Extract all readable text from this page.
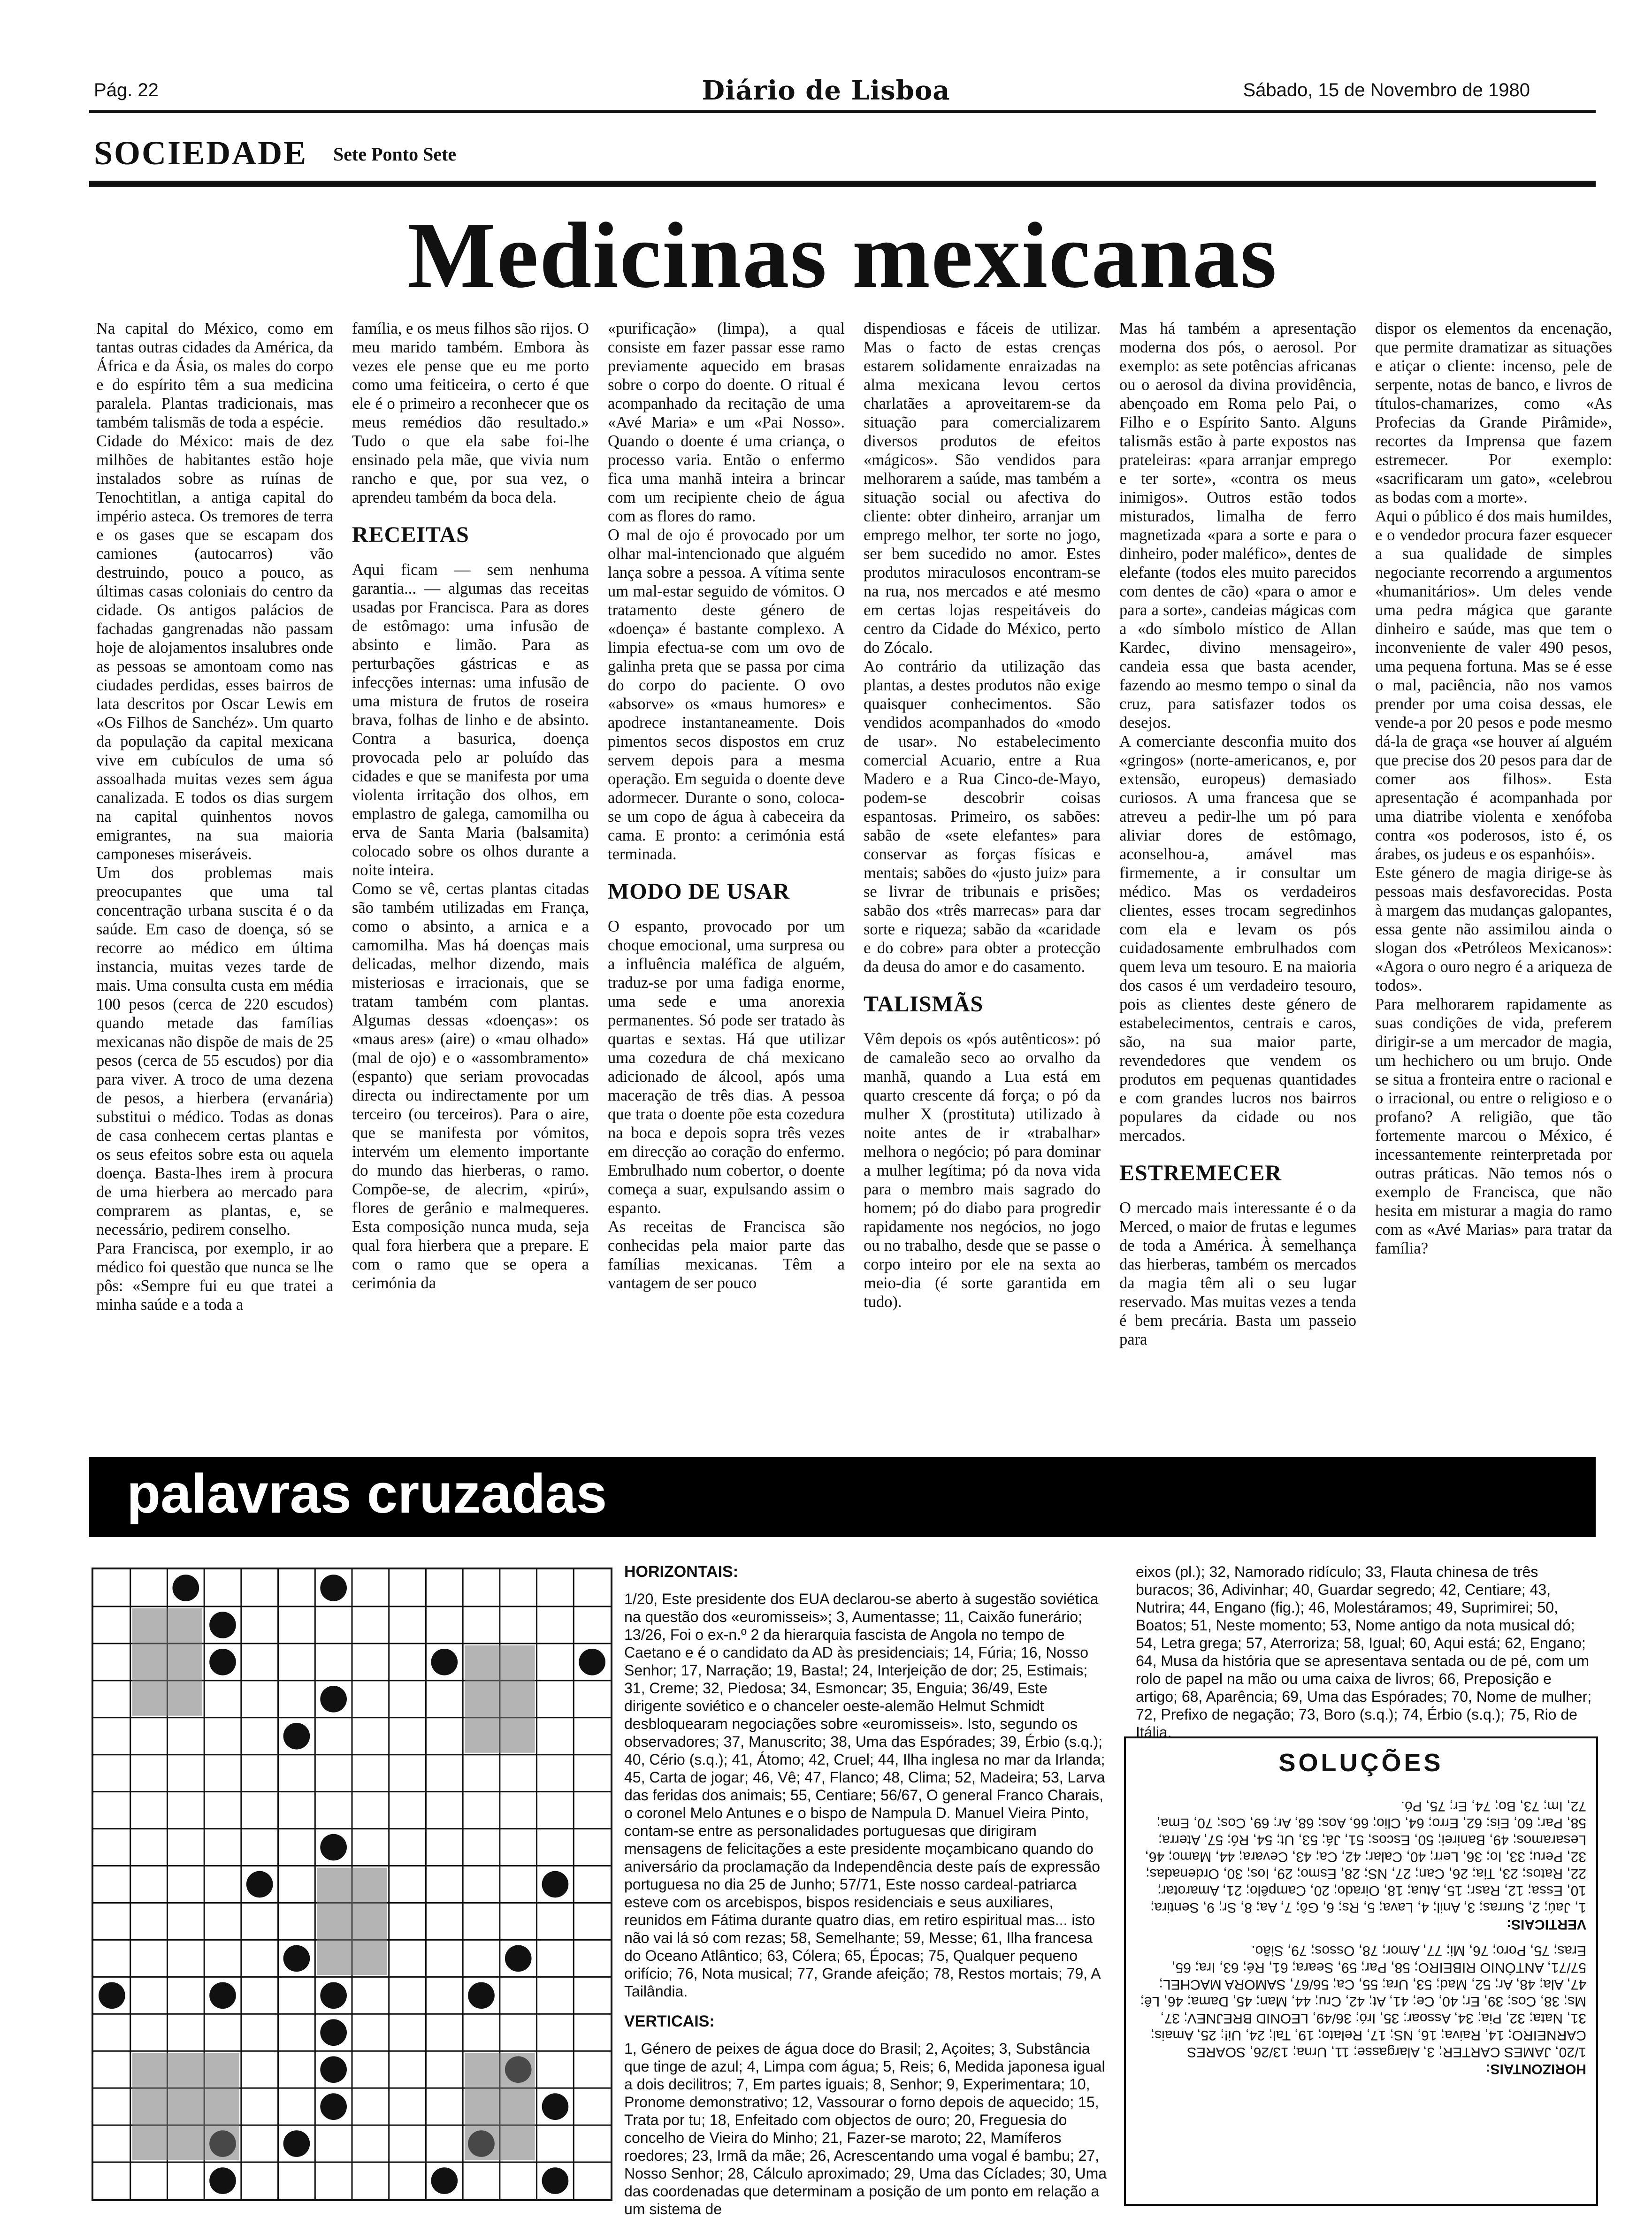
Pág. 22	Diário de Lisboa	Sábado, 15 de Novembro de 1980
SOCIEDADE Sete Ponto Sete
Medicinas mexicanas

Na capital do México, como em tantas outras cidades da América, da África e da Ásia, os males do corpo e do espírito têm a sua medicina paralela. Plantas tradicionais, mas também talismãs de toda a espécie.

Cidade do México: mais de dez milhões de habitantes estão hoje instalados sobre as ruínas de Tenochtitlan, a antiga capital do império asteca. Os tremores de terra e os gases que se escapam dos camiones (autocarros) vão destruindo, pouco a pouco, as últimas casas coloniais do centro da cidade. Os antigos palácios de fachadas gangrenadas não passam hoje de alojamentos insalubres onde as pessoas se amontoam como nas ciudades perdidas, esses bairros de lata descritos por Oscar Lewis em «Os Filhos de Sanchéz». Um quarto da população da capital mexicana vive em cubículos de uma só assoalhada muitas vezes sem água canalizada. E todos os dias surgem na capital quinhentos novos emigrantes, na sua maioria camponeses miseráveis.

Um dos problemas mais preocupantes que uma tal concentração urbana suscita é o da saúde. Em caso de doença, só se recorre ao médico em última instancia, muitas vezes tarde de mais. Uma consulta custa em média 100 pesos (cerca de 220 escudos) quando metade das famílias mexicanas não dispõe de mais de 25 pesos (cerca de 55 escudos) por dia para viver. A troco de uma dezena de pesos, a hierbera (ervanária) substitui o médico. Todas as donas de casa conhecem certas plantas e os seus efeitos sobre esta ou aquela doença. Basta-lhes irem à procura de uma hierbera ao mercado para comprarem as plantas, e, se necessário, pedirem conselho.

Para Francisca, por exemplo, ir ao médico foi questão que nunca se lhe pôs: «Sempre fui eu que tratei a minha saúde e a toda a

família, e os meus filhos são rijos. O meu marido também. Embora às vezes ele pense que eu me porto como uma feiticeira, o certo é que ele é o primeiro a reconhecer que os meus remédios dão resultado.» Tudo o que ela sabe foi-lhe ensinado pela mãe, que vivia num rancho e que, por sua vez, o aprendeu também da boca dela.

RECEITAS

Aqui ficam — sem nenhuma garantia... — algumas das receitas usadas por Francisca. Para as dores de estômago: uma infusão de absinto e limão. Para as perturbações gástricas e as infecções internas: uma infusão de uma mistura de frutos de roseira brava, folhas de linho e de absinto. Contra a basurica, doença provocada pelo ar poluído das cidades e que se manifesta por uma violenta irritação dos olhos, em emplastro de galega, camomilha ou erva de Santa Maria (balsamita) colocado sobre os olhos durante a noite inteira.

Como se vê, certas plantas citadas são também utilizadas em França, como o absinto, a arnica e a camomilha. Mas há doenças mais delicadas, melhor dizendo, mais misteriosas e irracionais, que se tratam também com plantas. Algumas dessas «doenças»: os «maus ares» (aire) o «mau olhado» (mal de ojo) e o «assombramento» (espanto) que seriam provocadas directa ou indirectamente por um terceiro (ou terceiros). Para o aire, que se manifesta por vómitos, intervém um elemento importante do mundo das hierberas, o ramo. Compõe-se, de alecrim, «pirú», flores de gerânio e malmequeres. Esta composição nunca muda, seja qual fora hierbera que a prepare. E com o ramo que se opera a cerimónia da

«purificação» (limpa), a qual consiste em fazer passar esse ramo previamente aquecido em brasas sobre o corpo do doente. O ritual é acompanhado da recitação de uma «Avé Maria» e um «Pai Nosso». Quando o doente é uma criança, o processo varia. Então o enfermo fica uma manhã inteira a brincar com um recipiente cheio de água com as flores do ramo.

O mal de ojo é provocado por um olhar mal-intencionado que alguém lança sobre a pessoa. A vítima sente um mal-estar seguido de vómitos. O tratamento deste género de «doença» é bastante complexo. A limpia efectua-se com um ovo de galinha preta que se passa por cima do corpo do paciente. O ovo «absorve» os «maus humores» e apodrece instantaneamente. Dois pimentos secos dispostos em cruz servem depois para a mesma operação. Em seguida o doente deve adormecer. Durante o sono, coloca-se um copo de água à cabeceira da cama. E pronto: a cerimónia está terminada.

MODO DE USAR

O espanto, provocado por um choque emocional, uma surpresa ou a influência maléfica de alguém, traduz-se por uma fadiga enorme, uma sede e uma anorexia permanentes. Só pode ser tratado às quartas e sextas. Há que utilizar uma cozedura de chá mexicano adicionado de álcool, após uma maceração de três dias. A pessoa que trata o doente põe esta cozedura na boca e depois sopra três vezes em direcção ao coração do enfermo. Embrulhado num cobertor, o doente começa a suar, expulsando assim o espanto.

As receitas de Francisca são conhecidas pela maior parte das famílias mexicanas. Têm a vantagem de ser pouco

dispendiosas e fáceis de utilizar. Mas o facto de estas crenças estarem solidamente enraizadas na alma mexicana levou certos charlatães a aproveitarem-se da situação para comercializarem diversos produtos de efeitos «mágicos». São vendidos para melhorarem a saúde, mas também a situação social ou afectiva do cliente: obter dinheiro, arranjar um emprego melhor, ter sorte no jogo, ser bem sucedido no amor. Estes produtos miraculosos encontram-se na rua, nos mercados e até mesmo em certas lojas respeitáveis do centro da Cidade do México, perto do Zócalo.

Ao contrário da utilização das plantas, a destes produtos não exige quaisquer conhecimentos. São vendidos acompanhados do «modo de usar». No estabelecimento comercial Acuario, entre a Rua Madero e a Rua Cinco-de-Mayo, podem-se descobrir coisas espantosas. Primeiro, os sabões: sabão de «sete elefantes» para conservar as forças físicas e mentais; sabões do «justo juiz» para se livrar de tribunais e prisões; sabão dos «três marrecas» para dar sorte e riqueza; sabão da «caridade e do cobre» para obter a protecção da deusa do amor e do casamento.

TALISMÃS

Vêm depois os «pós autênticos»: pó de camaleão seco ao orvalho da manhã, quando a Lua está em quarto crescente dá força; o pó da mulher X (prostituta) utilizado à noite antes de ir «trabalhar» melhora o negócio; pó para dominar a mulher legítima; pó da nova vida para o membro mais sagrado do homem; pó do diabo para progredir rapidamente nos negócios, no jogo ou no trabalho, desde que se passe o corpo inteiro por ele na sexta ao meio-dia (é sorte garantida em tudo).

Mas há também a apresentação moderna dos pós, o aerosol. Por exemplo: as sete potências africanas ou o aerosol da divina providência, abençoado em Roma pelo Pai, o Filho e o Espírito Santo. Alguns talismãs estão à parte expostos nas prateleiras: «para arranjar emprego e ter sorte», «contra os meus inimigos». Outros estão todos misturados, limalha de ferro magnetizada «para a sorte e para o dinheiro, poder maléfico», dentes de elefante (todos eles muito parecidos com dentes de cão) «para o amor e para a sorte», candeias mágicas com a «do símbolo místico de Allan Kardec, divino mensageiro», candeia essa que basta acender, fazendo ao mesmo tempo o sinal da cruz, para satisfazer todos os desejos.

A comerciante desconfia muito dos «gringos» (norte-americanos, e, por extensão, europeus) demasiado curiosos. A uma francesa que se atreveu a pedir-lhe um pó para aliviar dores de estômago, aconselhou-a, amável mas firmemente, a ir consultar um médico. Mas os verdadeiros clientes, esses trocam segredinhos com ela e levam os pós cuidadosamente embrulhados com quem leva um tesouro. E na maioria dos casos é um verdadeiro tesouro, pois as clientes deste género de estabelecimentos, centrais e caros, são, na sua maior parte, revendedores que vendem os produtos em pequenas quantidades e com grandes lucros nos bairros populares da cidade ou nos mercados.

ESTREMECER

O mercado mais interessante é o da Merced, o maior de frutas e legumes de toda a América. À semelhança das hierberas, também os mercados da magia têm ali o seu lugar reservado. Mas muitas vezes a tenda é bem precária. Basta um passeio para

dispor os elementos da encenação, que permite dramatizar as situações e atiçar o cliente: incenso, pele de serpente, notas de banco, e livros de títulos-chamarizes, como «As Profecias da Grande Pirâmide», recortes da Imprensa que fazem estremecer. Por exemplo: «sacrificaram um gato», «celebrou as bodas com a morte».

Aqui o público é dos mais humildes, e o vendedor procura fazer esquecer a sua qualidade de simples negociante recorrendo a argumentos «humanitários». Um deles vende uma pedra mágica que garante dinheiro e saúde, mas que tem o inconveniente de valer 490 pesos, uma pequena fortuna. Mas se é esse o mal, paciência, não nos vamos prender por uma coisa dessas, ele vende-a por 20 pesos e pode mesmo dá-la de graça «se houver aí alguém que precise dos 20 pesos para dar de comer aos filhos». Esta apresentação é acompanhada por uma diatribe violenta e xenófoba contra «os poderosos, isto é, os árabes, os judeus e os espanhóis».

Este género de magia dirige-se às pessoas mais desfavorecidas. Posta à margem das mudanças galopantes, essa gente não assimilou ainda o slogan dos «Petróleos Mexicanos»: «Agora o ouro negro é a ariqueza de todos».

Para melhorarem rapidamente as suas condições de vida, preferem dirigir-se a um mercador de magia, um hechichero ou um brujo. Onde se situa a fronteira entre o racional e o irracional, ou entre o religioso e o profano? A religião, que tão fortemente marcou o México, é incessantemente reinterpretada por outras práticas. Não temos nós o exemplo de Francisca, que não hesita em misturar a magia do ramo com as «Avé Marias» para tratar da família?

palavras cruzadas
HORIZONTAIS:
1/20, Este presidente dos EUA declarou-se aberto à sugestão soviética na questão dos «euromisseis»; 3, Aumentasse; 11, Caixão funerário; 13/26, Foi o ex-n.º 2 da hierarquia fascista de Angola no tempo de Caetano e é o candidato da AD às presidenciais; 14, Fúria; 16, Nosso Senhor; 17, Narração; 19, Basta!; 24, Interjeição de dor; 25, Estimais; 31, Creme; 32, Piedosa; 34, Esmoncar; 35, Enguia; 36/49, Este dirigente soviético e o chanceler oeste-alemão Helmut Schmidt desbloquearam negociações sobre «euromisseis». Isto, segundo os observadores; 37, Manuscrito; 38, Uma das Espórades; 39, Érbio (s.q.); 40, Cério (s.q.); 41, Átomo; 42, Cruel; 44, Ilha inglesa no mar da Irlanda; 45, Carta de jogar; 46, Vê; 47, Flanco; 48, Clima; 52, Madeira; 53, Larva das feridas dos animais; 55, Centiare; 56/67, O general Franco Charais, o coronel Melo Antunes e o bispo de Nampula D. Manuel Vieira Pinto, contam-se entre as personalidades portuguesas que dirigiram mensagens de felicitações a este presidente moçambicano quando do aniversário da proclamação da Independência deste país de expressão portuguesa no dia 25 de Junho; 57/71, Este nosso cardeal-patriarca esteve com os arcebispos, bispos residenciais e seus auxiliares, reunidos em Fátima durante quatro dias, em retiro espiritual mas... isto não vai lá só com rezas; 58, Semelhante; 59, Messe; 61, Ilha francesa do Oceano Atlântico; 63, Cólera; 65, Épocas; 75, Qualquer pequeno orifício; 76, Nota musical; 77, Grande afeição; 78, Restos mortais; 79, A Tailândia.
VERTICAIS:
1, Género de peixes de água doce do Brasil; 2, Açoites; 3, Substância que tinge de azul; 4, Limpa com água; 5, Reis; 6, Medida japonesa igual a dois decilitros; 7, Em partes iguais; 8, Senhor; 9, Experimentara; 10, Pronome demonstrativo; 12, Vassourar o forno depois de aquecido; 15, Trata por tu; 18, Enfeitado com objectos de ouro; 20, Freguesia do concelho de Vieira do Minho; 21, Fazer-se maroto; 22, Mamíferos roedores; 23, Irmã da mãe; 26, Acrescentando uma vogal é bambu; 27, Nosso Senhor; 28, Cálculo aproximado; 29, Uma das Cíclades; 30, Uma das coordenadas que determinam a posição de um ponto em relação a um sistema de
eixos (pl.); 32, Namorado ridículo; 33, Flauta chinesa de três buracos; 36, Adivinhar; 40, Guardar segredo; 42, Centiare; 43, Nutrira; 44, Engano (fig.); 46, Molestáramos; 49, Suprimirei; 50, Boatos; 51, Neste momento; 53, Nome antigo da nota musical dó; 54, Letra grega; 57, Aterroriza; 58, Igual; 60, Aqui está; 62, Engano; 64, Musa da história que se apresentava sentada ou de pé, com um rolo de papel na mão ou uma caixa de livros; 66, Preposição e artigo; 68, Aparência; 69, Uma das Espórades; 70, Nome de mulher; 72, Prefixo de negação; 73, Boro (s.q.); 74, Érbio (s.q.); 75, Rio de Itália.
SOLUÇÕES
HORIZONTAIS:
1/20, JAMES CARTER; 3, Alargasse; 11, Urna; 13/26, SOARES CARNEIRO; 14, Raiva; 16, NS; 17, Relato; 19, Tal; 24, Ui!; 25, Amais; 31, Nata; 32, Pia; 34, Assoar; 35, Iró; 36/49, LEONID BREJNEV; 37, Ms; 38, Cos; 39, Er; 40, Ce; 41, At; 42, Cru; 44, Man; 45, Dama; 46, Lê; 47, Ala; 48, Ar; 52, Mad; 53, Ura; 55, Ca; 56/67, SAMORA MACHEL; 57/71, ANTÓNIO RIBEIRO; 58, Par; 59, Seara; 61, Ré; 63, Ira; 65, Eras; 75, Poro; 76, Mi; 77, Amor; 78, Ossos; 79, Sião.
VERTICAIS:
1, Jaú; 2, Surras; 3, Anil; 4, Lava; 5, Rs; 6, Gô; 7, Aa; 8, Sr; 9, Sentira; 10, Essa; 12, Rasr; 15, Atua; 18, Oirado; 20, Campêlo; 21, Amarotar; 22, Ratos; 23, Tia; 26, Can; 27, NS; 28, Esmo; 29, Ios; 30, Ordenadas; 32, Peru; 33, Io; 36, Lerr; 40, Calar; 42, Ca; 43, Cevara; 44, Mamo; 46, Lesaramos; 49, Banirei; 50, Escos; 51, Já; 53, Ut; 54, Ró; 57, Aterra; 58, Par; 60, Eis; 62, Erro; 64, Clio; 66, Aos; 68, Ar; 69, Cos; 70, Ema; 72, Im; 73, Bo; 74, Er; 75, Pó.
